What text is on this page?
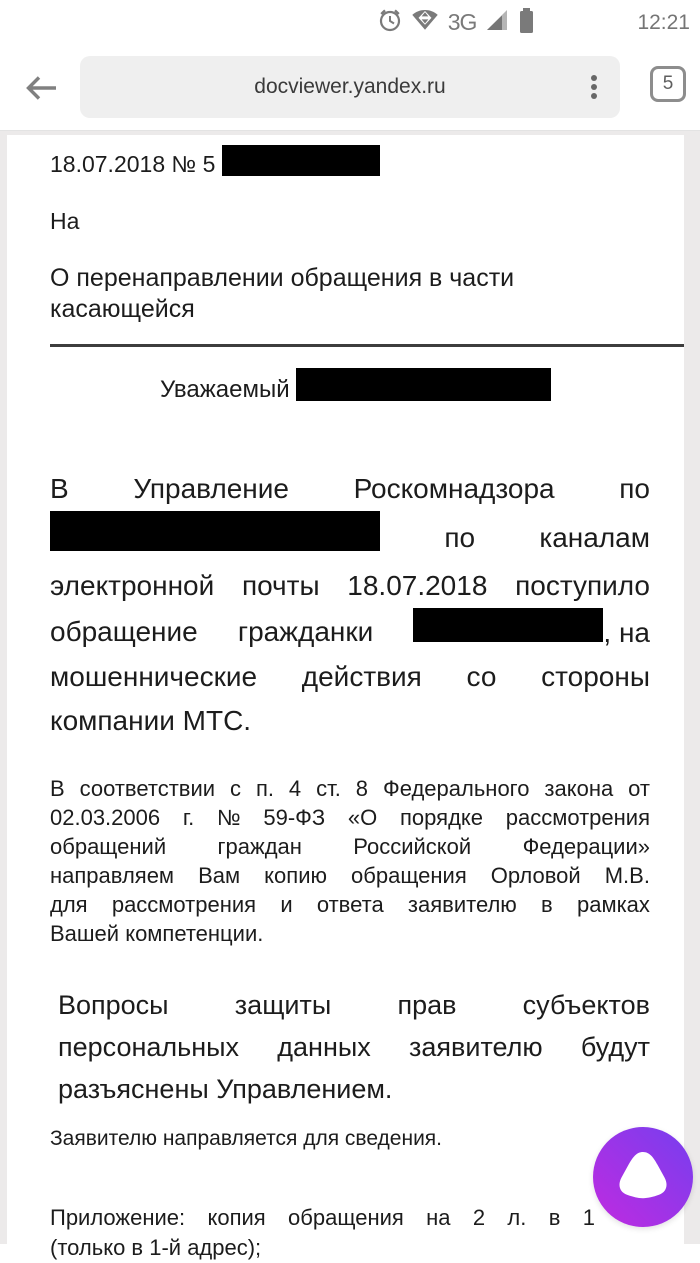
3G	12:21
docviewer.yandex.ru	5
18.07.2018 № 5
На
О перенаправлении обращения в части
касающейся
Уважаемый
В Управление Роскомнадзора по
по каналам
электронной почты 18.07.2018 поступило
обращение гражданки	, на
мошеннические действия со стороны
компании МТС.
В соответствии с п. 4 ст. 8 Федерального закона от
02.03.2006 г. № 59-ФЗ «О порядке рассмотрения
обращений граждан Российской Федерации»
направляем Вам копию обращения Орловой М.В.
для рассмотрения и ответа заявителю в рамках
Вашей компетенции.
Вопросы защиты прав субъектов
персональных данных заявителю будут
разъяснены Управлением.
Заявителю направляется для сведения.
Приложение: копия обращения на 2 л. в 1
(только в 1-й адрес);
